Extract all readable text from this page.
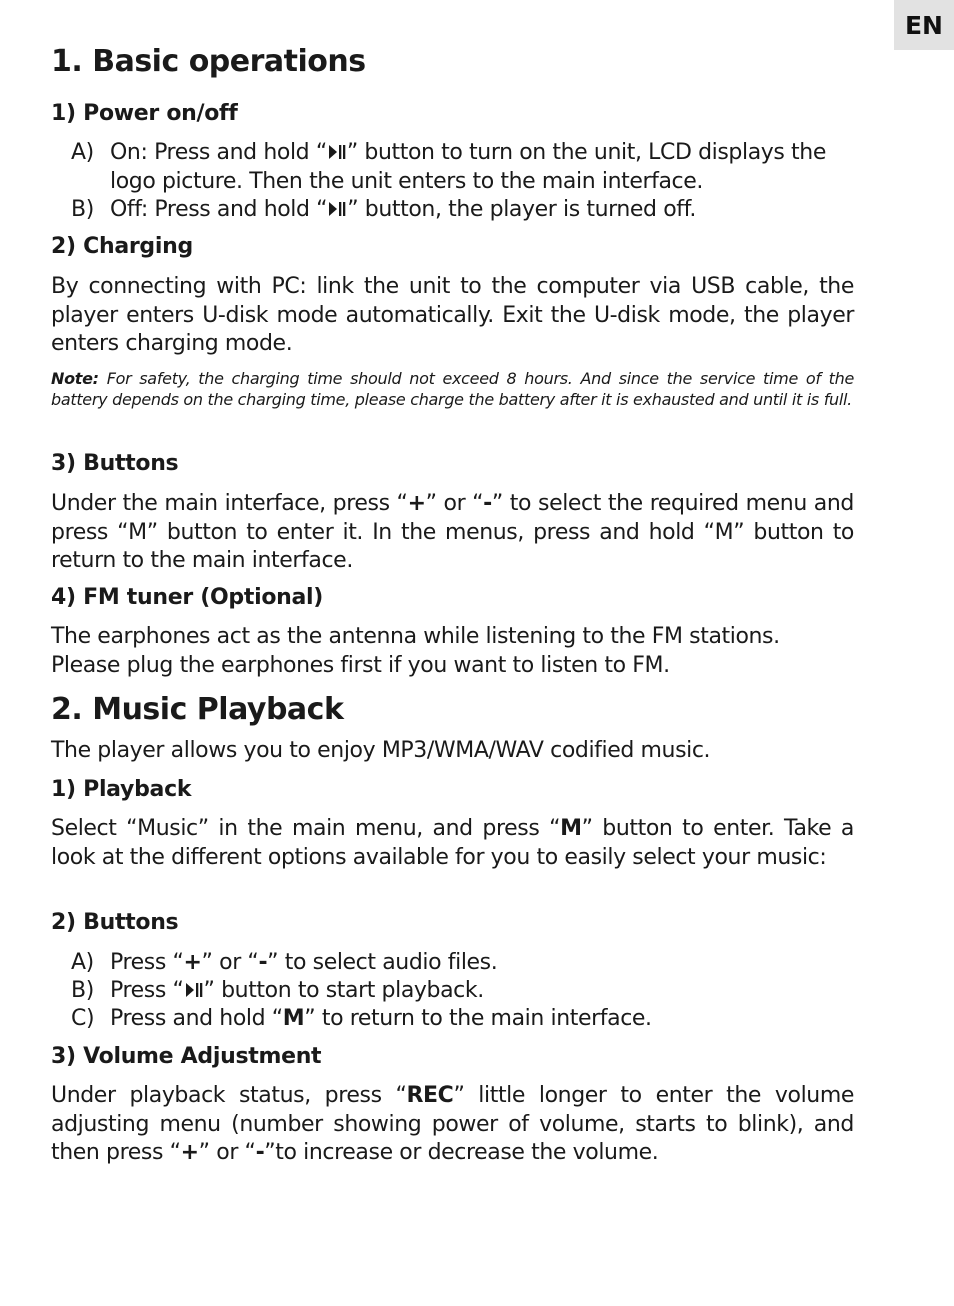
EN
1. Basic operations
1) Power on/off
A) On: Press and hold “ ” button to turn on the unit, LCD displays the logo picture. Then the unit enters to the main interface.
B) Off: Press and hold “ ” button, the player is turned off.
2) Charging
By connecting with PC: link the unit to the computer via USB cable, the player enters U-disk mode automatically. Exit the U-disk mode, the player enters charging mode.
Note: For safety, the charging time should not exceed 8 hours. And since the service time of the battery depends on the charging time, please charge the battery after it is exhausted and until it is full.
3) Buttons
Under the main interface, press “+” or “-” to select the required menu and press “M” button to enter it. In the menus, press and hold “M” button to return to the main interface.
4) FM tuner (Optional)
The earphones act as the antenna while listening to the FM stations. Please plug the earphones first if you want to listen to FM.
2. Music Playback
The player allows you to enjoy MP3/WMA/WAV codified music.
1) Playback
Select “Music” in the main menu, and press “M” button to enter. Take a look at the different options available for you to easily select your music:
2) Buttons
A) Press “+” or “-” to select audio files.
B) Press “ ” button to start playback.
C) Press and hold “M” to return to the main interface.
3) Volume Adjustment
Under playback status, press “REC” little longer to enter the volume adjusting menu (number showing power of volume, starts to blink), and then press “+” or “-”to increase or decrease the volume.
